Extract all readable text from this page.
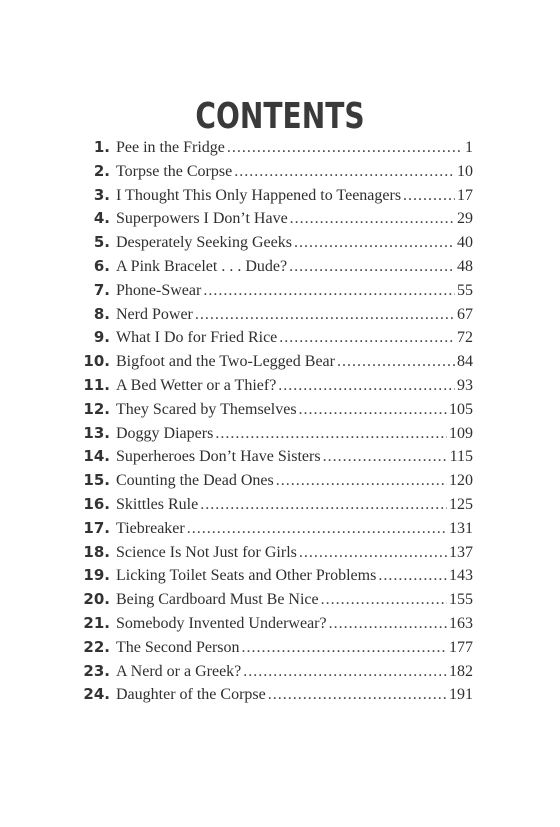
CONTENTS
1. Pee in the Fridge .....	1
2. Torpse the Corpse .....	10
3. I Thought This Only Happened to Teenagers .....	17
4. Superpowers I Don’t Have .....	29
5. Desperately Seeking Geeks .....	40
6. A Pink Bracelet . . . Dude? .....	48
7. Phone-Swear .....	55
8. Nerd Power .....	67
9. What I Do for Fried Rice .....	72
10. Bigfoot and the Two-Legged Bear .....	84
11. A Bed Wetter or a Thief? .....	93
12. They Scared by Themselves .....	105
13. Doggy Diapers .....	109
14. Superheroes Don’t Have Sisters .....	115
15. Counting the Dead Ones .....	120
16. Skittles Rule .....	125
17. Tiebreaker .....	131
18. Science Is Not Just for Girls .....	137
19. Licking Toilet Seats and Other Problems .....	143
20. Being Cardboard Must Be Nice .....	155
21. Somebody Invented Underwear? .....	163
22. The Second Person .....	177
23. A Nerd or a Greek? .....	182
24. Daughter of the Corpse .....	191
